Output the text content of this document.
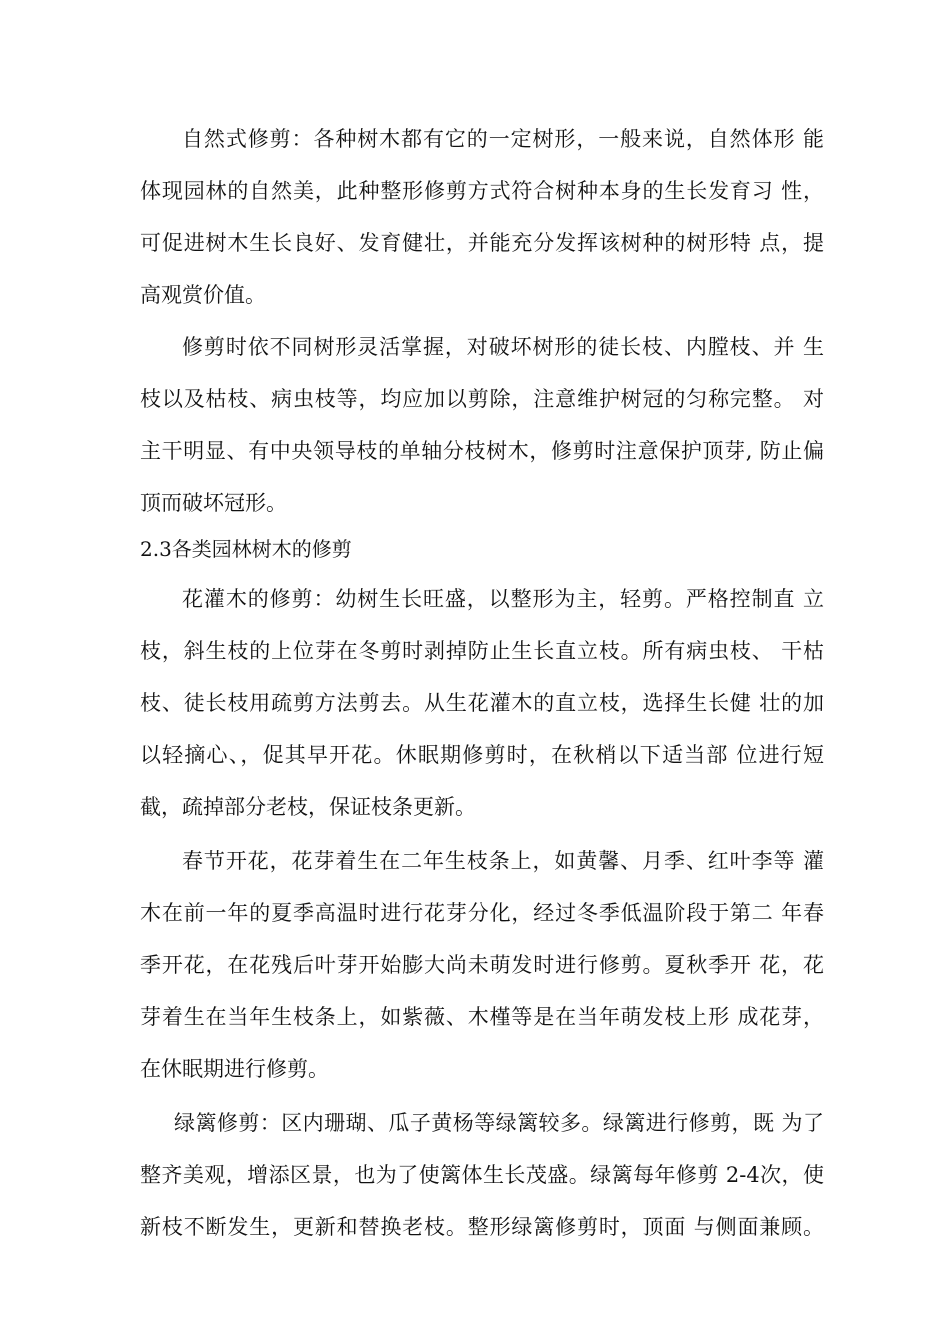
自然式修剪：各种树木都有它的一定树形，一般来说，自然体形 能
体现园林的自然美，此种整形修剪方式符合树种本身的生长发育习 性，
可促进树木生长良好、发育健壮，并能充分发挥该树种的树形特 点，提
高观赏价值。
修剪时依不同树形灵活掌握，对破坏树形的徒长枝、内膛枝、并 生
枝以及枯枝、病虫枝等，均应加以剪除，注意维护树冠的匀称完整。 对
主干明显、有中央领导枝的单轴分枝树木，修剪时注意保护顶芽, 防止偏
顶而破坏冠形。
2.3各类园林树木的修剪
花灌木的修剪：幼树生长旺盛，以整形为主，轻剪。严格控制直 立
枝，斜生枝的上位芽在冬剪时剥掉防止生长直立枝。所有病虫枝、 干枯
枝、徒长枝用疏剪方法剪去。从生花灌木的直立枝，选择生长健 壮的加
以轻摘心、，促其早开花。休眠期修剪时，在秋梢以下适当部 位进行短
截，疏掉部分老枝，保证枝条更新。
春节开花，花芽着生在二年生枝条上，如黄馨、月季、红叶李等 灌
木在前一年的夏季高温时进行花芽分化，经过冬季低温阶段于第二 年春
季开花，在花残后叶芽开始膨大尚未萌发时进行修剪。夏秋季开 花，花
芽着生在当年生枝条上，如紫薇、木槿等是在当年萌发枝上形 成花芽，
在休眠期进行修剪。
绿篱修剪：区内珊瑚、瓜子黄杨等绿篱较多。绿篱进行修剪，既 为了
整齐美观，增添区景，也为了使篱体生长茂盛。绿篱每年修剪 2-4次，使
新枝不断发生，更新和替换老枝。整形绿篱修剪时，顶面 与侧面兼顾。
